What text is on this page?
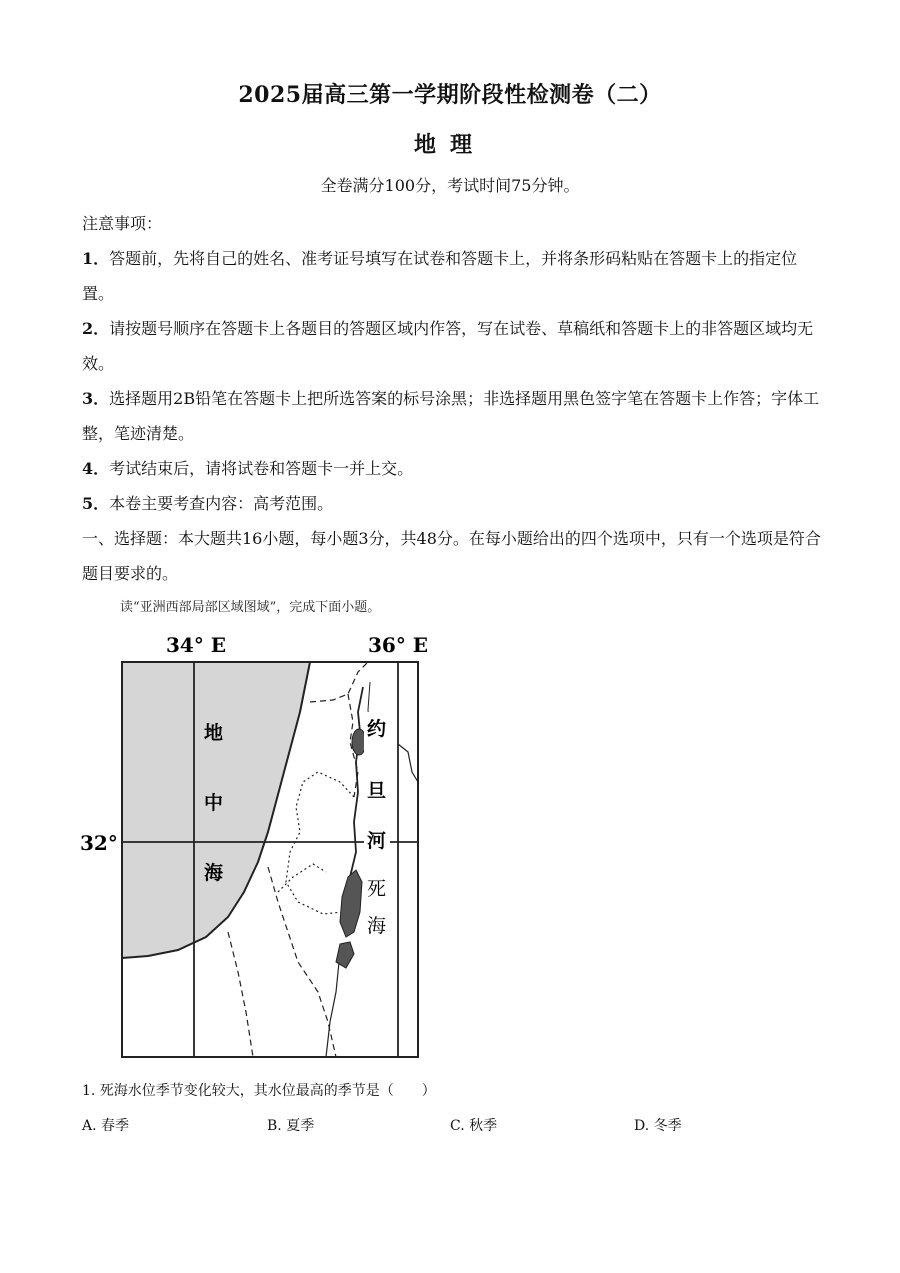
2025届高三第一学期阶段性检测卷（二）
地理
全卷满分100分，考试时间75分钟。

注意事项：

1．答题前，先将自己的姓名、准考证号填写在试卷和答题卡上，并将条形码粘贴在答题卡上的指定位置。

2．请按题号顺序在答题卡上各题目的答题区域内作答，写在试卷、草稿纸和答题卡上的非答题区域均无效。

3．选择题用2B铅笔在答题卡上把所选答案的标号涂黑；非选择题用黑色签字笔在答题卡上作答；字体工整，笔迹清楚。

4．考试结束后，请将试卷和答题卡一并上交。

5．本卷主要考查内容：高考范围。

一、选择题：本大题共16小题，每小题3分，共48分。在每小题给出的四个选项中，只有一个选项是符合题目要求的。

读“亚洲西部局部区域图域”，完成下面小题。
34° E	36° E
32°
地
中
海
约
旦
河
死
海
1. 死海水位季节变化较大，其水位最高的季节是（　　）
A. 春季	B. 夏季	C. 秋季	D. 冬季
